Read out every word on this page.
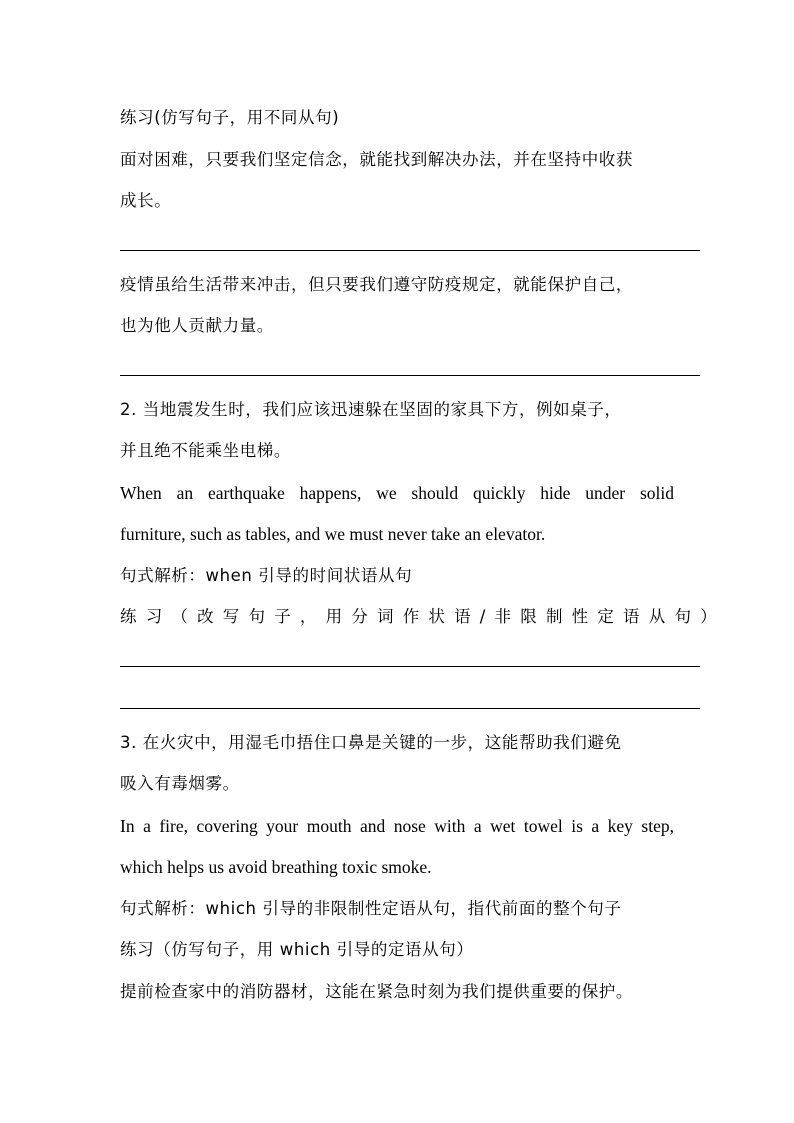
练习(仿写句子，用不同从句)
面对困难，只要我们坚定信念，就能找到解决办法，并在坚持中收获
成长。
疫情虽给生活带来冲击，但只要我们遵守防疫规定，就能保护自己，
也为他人贡献力量。
2. 当地震发生时，我们应该迅速躲在坚固的家具下方，例如桌子，
并且绝不能乘坐电梯。
When an earthquake happens, we should quickly hide under solid
furniture, such as tables, and we must never take an elevator.
句式解析：when 引导的时间状语从句
练习（改写句子，用分词作状语/非限制性定语从句）
3. 在火灾中，用湿毛巾捂住口鼻是关键的一步，这能帮助我们避免
吸入有毒烟雾。
In a fire, covering your mouth and nose with a wet towel is a key step,
which helps us avoid breathing toxic smoke.
句式解析：which 引导的非限制性定语从句，指代前面的整个句子
练习（仿写句子，用 which 引导的定语从句）
提前检查家中的消防器材，这能在紧急时刻为我们提供重要的保护。
